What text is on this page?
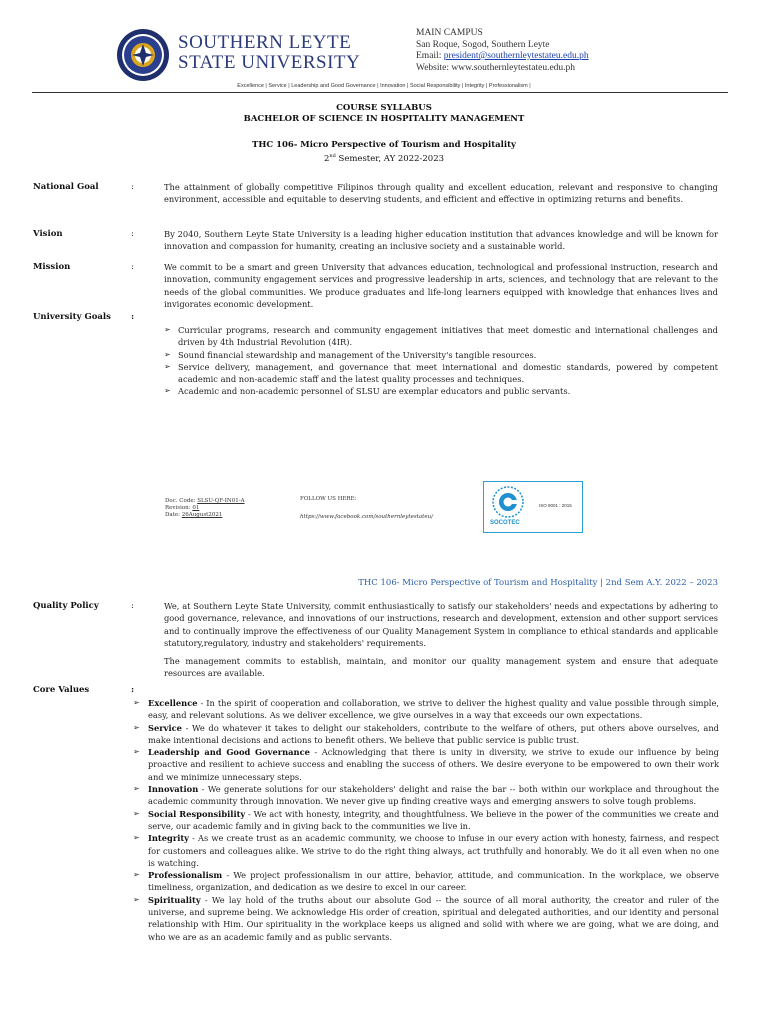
SOUTHERN LEYTE
STATE UNIVERSITY
MAIN CAMPUS
San Roque, Sogod, Southern Leyte
Email: president@southernleytestateu.edu.ph
Website: www.southernleytestateu.edu.ph
Excellence | Service | Leadership and Good Governance | Innovation | Social Responsibility | Integrity | Professionalism |
COURSE SYLLABUS
BACHELOR OF SCIENCE IN HOSPITALITY MANAGEMENT
THC 106- Micro Perspective of Tourism and Hospitality
2nd Semester, AY 2022-2023
National Goal	:	The attainment of globally competitive Filipinos through quality and excellent education, relevant and responsive to changing environment, accessible and equitable to deserving students, and efficient and effective in optimizing returns and benefits.
Vision	:	By 2040, Southern Leyte State University is a leading higher education institution that advances knowledge and will be known for innovation and compassion for humanity, creating an inclusive society and a sustainable world.
Mission	:	We commit to be a smart and green University that advances education, technological and professional instruction, research and innovation, community engagement services and progressive leadership in arts, sciences, and technology that are relevant to the needs of the global communities. We produce graduates and life-long learners equipped with knowledge that enhances lives and invigorates economic development.
University Goals :

➢ Curricular programs, research and community engagement initiatives that meet domestic and international challenges and driven by 4th Industrial Revolution (4IR).

➢ Sound financial stewardship and management of the University's tangible resources.

➢ Service delivery, management, and governance that meet international and domestic standards, powered by competent academic and non-academic staff and the latest quality processes and techniques.

➢ Academic and non-academic personnel of SLSU are exemplar educators and public servants.

Doc. Code: SLSU-QF-IN01-A
Revision: 01
Date: 26August2021
FOLLOW US HERE:
https://www.facebook.com/southernleytestateu/
SOCOTEC
ISO 9001 : 2015
THC 106- Micro Perspective of Tourism and Hospitality | 2nd Sem A.Y. 2022 – 2023
Quality Policy	:	We, at Southern Leyte State University, commit enthusiastically to satisfy our stakeholders' needs and expectations by adhering to good governance, relevance, and innovations of our instructions, research and development, extension and other support services and to continually improve the effectiveness of our Quality Management System in compliance to ethical standards and applicable statutory,regulatory, industry and stakeholders' requirements.
The management commits to establish, maintain, and monitor our quality management system and ensure that adequate resources are available.
Core Values	:

➢ Excellence - In the spirit of cooperation and collaboration, we strive to deliver the highest quality and value possible through simple, easy, and relevant solutions. As we deliver excellence, we give ourselves in a way that exceeds our own expectations.

➢ Service - We do whatever it takes to delight our stakeholders, contribute to the welfare of others, put others above ourselves, and make intentional decisions and actions to benefit others. We believe that public service is public trust.

➢ Leadership and Good Governance - Acknowledging that there is unity in diversity, we strive to exude our influence by being proactive and resilient to achieve success and enabling the success of others. We desire everyone to be empowered to own their work and we minimize unnecessary steps.

➢ Innovation - We generate solutions for our stakeholders' delight and raise the bar -- both within our workplace and throughout the academic community through innovation. We never give up finding creative ways and emerging answers to solve tough problems.

➢ Social Responsibility - We act with honesty, integrity, and thoughtfulness. We believe in the power of the communities we create and serve, our academic family and in giving back to the communities we live in.

➢ Integrity - As we create trust as an academic community, we choose to infuse in our every action with honesty, fairness, and respect for customers and colleagues alike. We strive to do the right thing always, act truthfully and honorably. We do it all even when no one is watching.

➢ Professionalism - We project professionalism in our attire, behavior, attitude, and communication. In the workplace, we observe timeliness, organization, and dedication as we desire to excel in our career.

➢ Spirituality - We lay hold of the truths about our absolute God -- the source of all moral authority, the creator and ruler of the universe, and supreme being. We acknowledge His order of creation, spiritual and delegated authorities, and our identity and personal relationship with Him. Our spirituality in the workplace keeps us aligned and solid with where we are going, what we are doing, and who we are as an academic family and as public servants.
